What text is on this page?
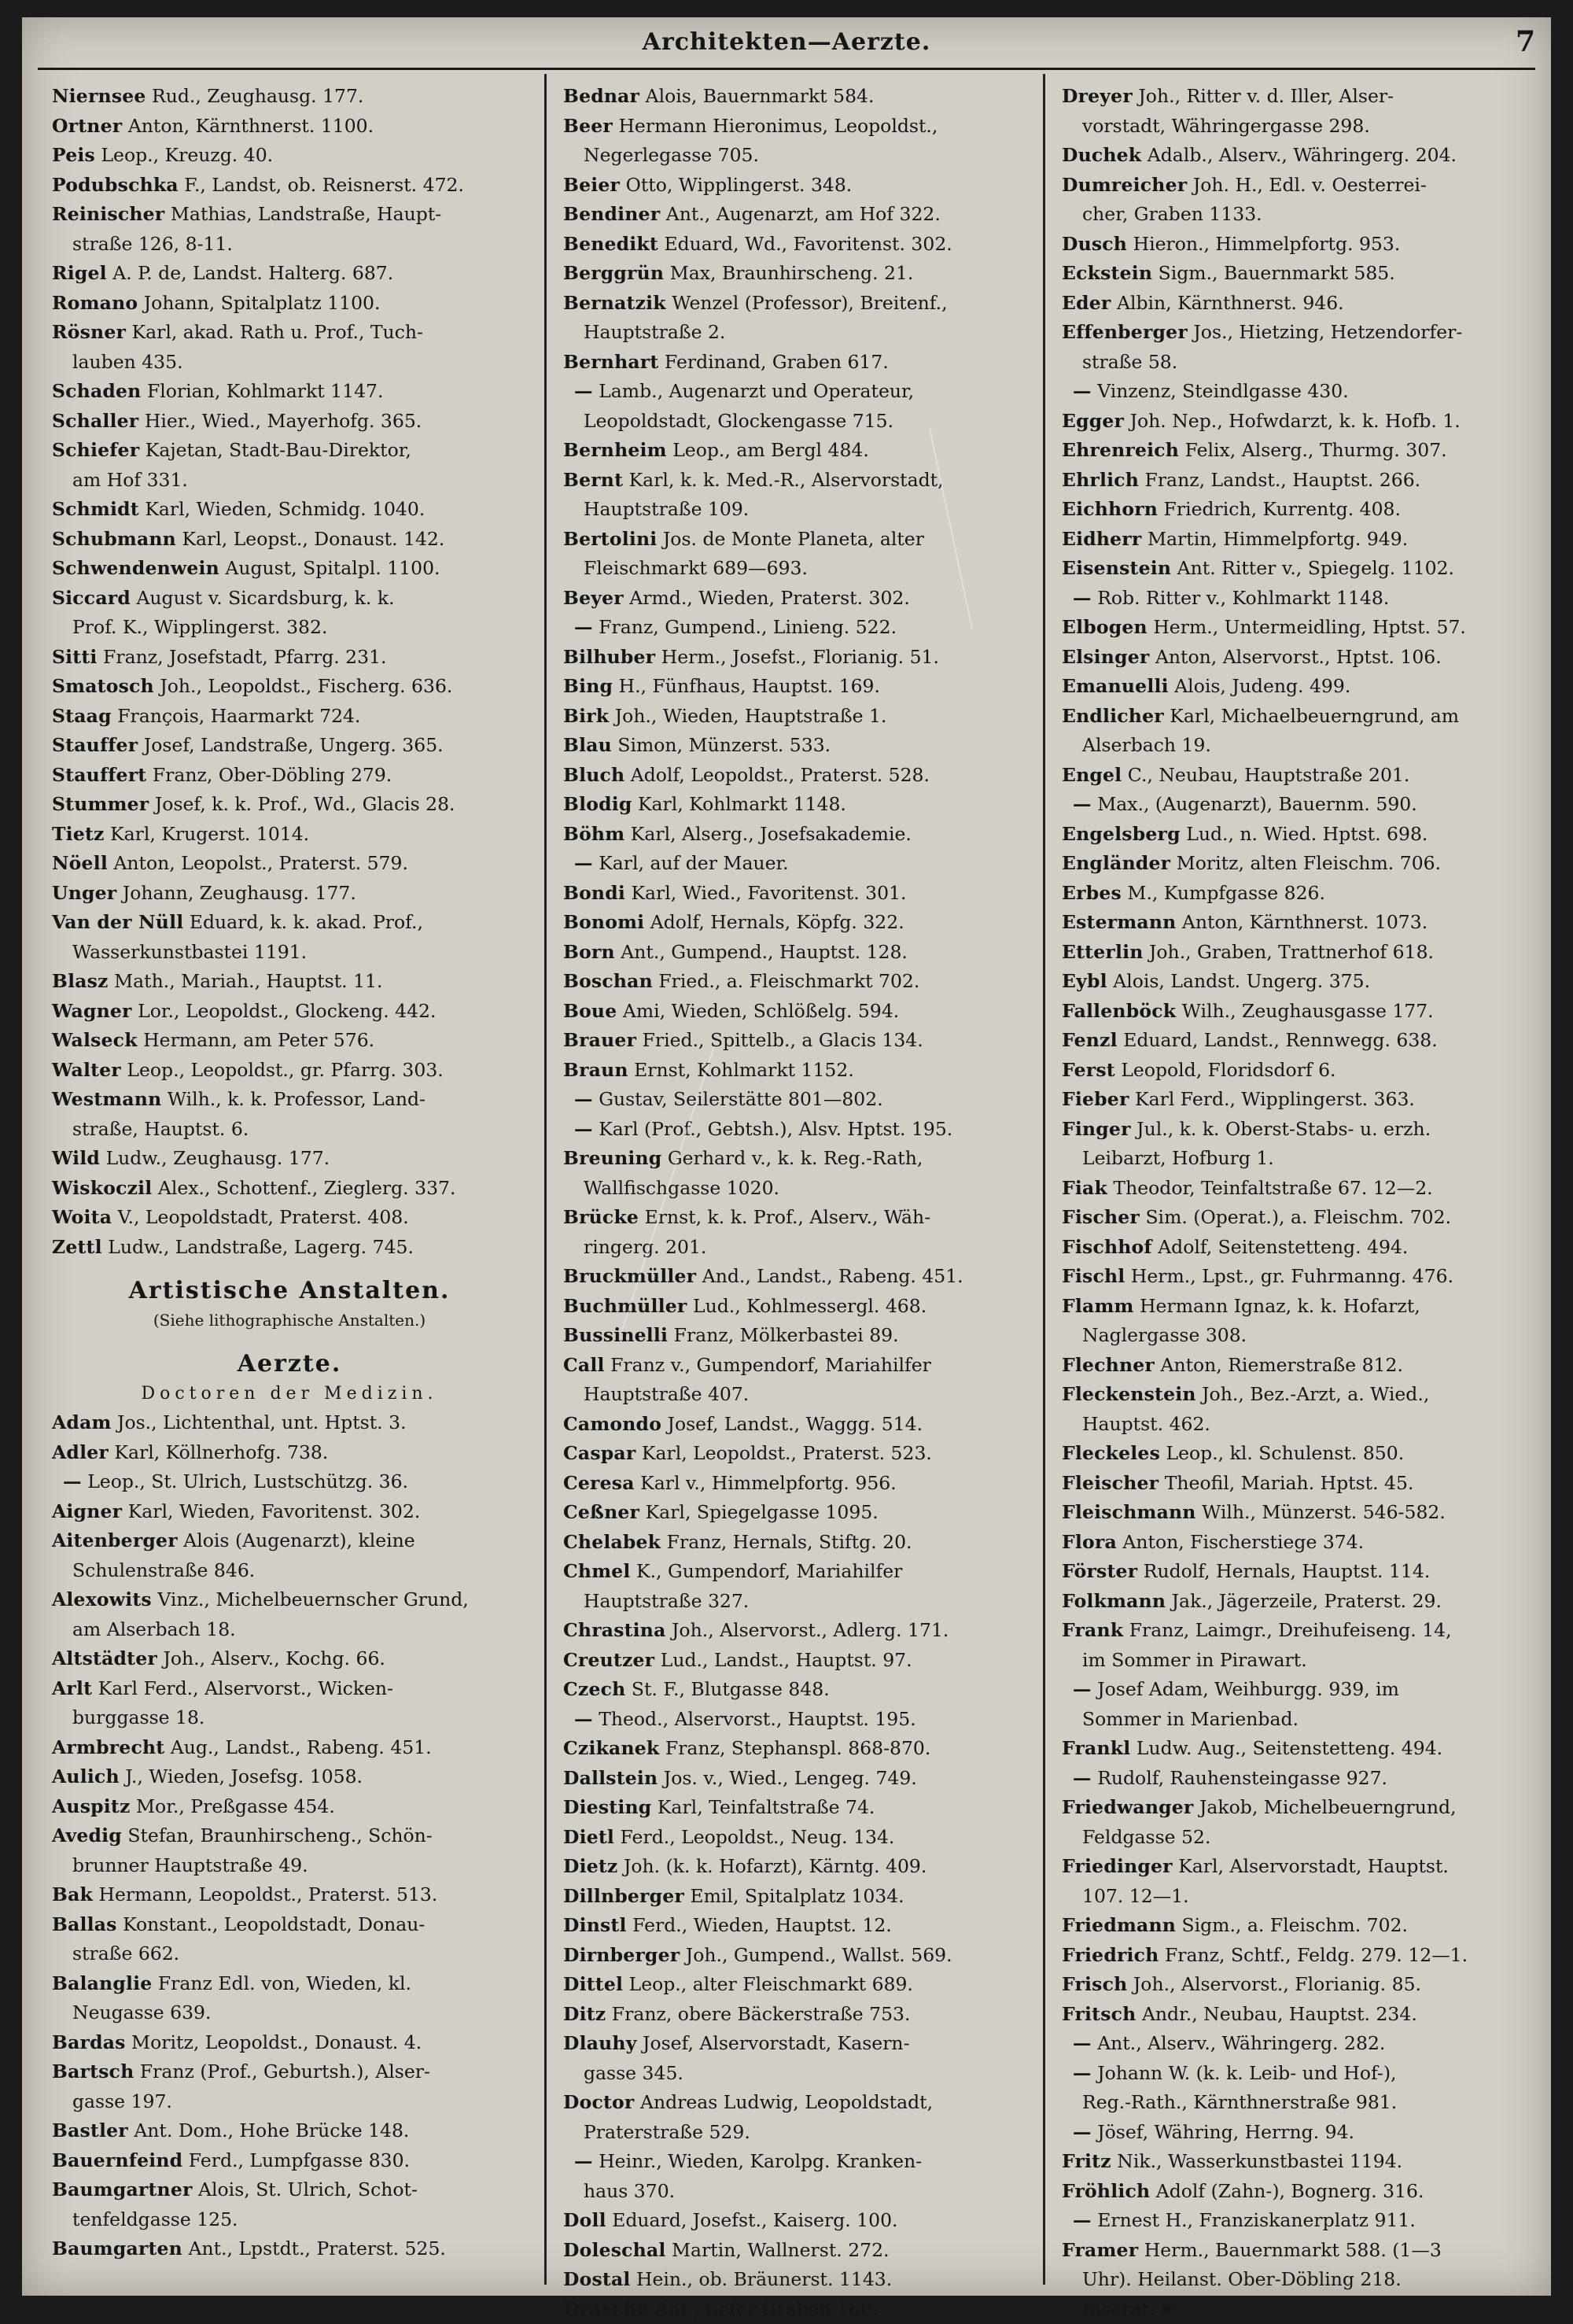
Architekten—Aerzte.	7
Niernsee Rud., Zeughausg. 177.
Ortner Anton, Kärnthnerst. 1100.
Peis Leop., Kreuzg. 40.
Podubschka F., Landst, ob. Reisnerst. 472.
Reinischer Mathias, Landstraße, Haupt-
straße 126, 8-11.
Rigel A. P. de, Landst. Halterg. 687.
Romano Johann, Spitalplatz 1100.
Rösner Karl, akad. Rath u. Prof., Tuch-
lauben 435.
Schaden Florian, Kohlmarkt 1147.
Schaller Hier., Wied., Mayerhofg. 365.
Schiefer Kajetan, Stadt-Bau-Direktor,
am Hof 331.
Schmidt Karl, Wieden, Schmidg. 1040.
Schubmann Karl, Leopst., Donaust. 142.
Schwendenwein August, Spitalpl. 1100.
Siccard August v. Sicardsburg, k. k.
Prof. K., Wipplingerst. 382.
Sitti Franz, Josefstadt, Pfarrg. 231.
Smatosch Joh., Leopoldst., Fischerg. 636.
Staag François, Haarmarkt 724.
Stauffer Josef, Landstraße, Ungerg. 365.
Stauffert Franz, Ober-Döbling 279.
Stummer Josef, k. k. Prof., Wd., Glacis 28.
Tietz Karl, Krugerst. 1014.
Nöell Anton, Leopolst., Praterst. 579.
Unger Johann, Zeughausg. 177.
Van der Nüll Eduard, k. k. akad. Prof.,
Wasserkunstbastei 1191.
Blasz Math., Mariah., Hauptst. 11.
Wagner Lor., Leopoldst., Glockeng. 442.
Walseck Hermann, am Peter 576.
Walter Leop., Leopoldst., gr. Pfarrg. 303.
Westmann Wilh., k. k. Professor, Land-
straße, Hauptst. 6.
Wild Ludw., Zeughausg. 177.
Wiskoczil Alex., Schottenf., Zieglerg. 337.
Woita V., Leopoldstadt, Praterst. 408.
Zettl Ludw., Landstraße, Lagerg. 745.
Artistische Anstalten.
(Siehe lithographische Anstalten.)
Aerzte.
Doctoren der Medizin.
Adam Jos., Lichtenthal, unt. Hptst. 3.
Adler Karl, Köllnerhofg. 738.
— Leop., St. Ulrich, Lustschützg. 36.
Aigner Karl, Wieden, Favoritenst. 302.
Aitenberger Alois (Augenarzt), kleine
Schulenstraße 846.
Alexowits Vinz., Michelbeuernscher Grund,
am Alserbach 18.
Altstädter Joh., Alserv., Kochg. 66.
Arlt Karl Ferd., Alservorst., Wicken-
burggasse 18.
Armbrecht Aug., Landst., Rabeng. 451.
Aulich J., Wieden, Josefsg. 1058.
Auspitz Mor., Preßgasse 454.
Avedig Stefan, Braunhirscheng., Schön-
brunner Hauptstraße 49.
Bak Hermann, Leopoldst., Praterst. 513.
Ballas Konstant., Leopoldstadt, Donau-
straße 662.
Balanglie Franz Edl. von, Wieden, kl.
Neugasse 639.
Bardas Moritz, Leopoldst., Donaust. 4.
Bartsch Franz (Prof., Geburtsh.), Alser-
gasse 197.
Bastler Ant. Dom., Hohe Brücke 148.
Bauernfeind Ferd., Lumpfgasse 830.
Baumgartner Alois, St. Ulrich, Schot-
tenfeldgasse 125.
Baumgarten Ant., Lpstdt., Praterst. 525.
Bednar Alois, Bauernmarkt 584.
Beer Hermann Hieronimus, Leopoldst.,
Negerlegasse 705.
Beier Otto, Wipplingerst. 348.
Bendiner Ant., Augenarzt, am Hof 322.
Benedikt Eduard, Wd., Favoritenst. 302.
Berggrün Max, Braunhirscheng. 21.
Bernatzik Wenzel (Professor), Breitenf.,
Hauptstraße 2.
Bernhart Ferdinand, Graben 617.
— Lamb., Augenarzt und Operateur,
Leopoldstadt, Glockengasse 715.
Bernheim Leop., am Bergl 484.
Bernt Karl, k. k. Med.-R., Alservorstadt,
Hauptstraße 109.
Bertolini Jos. de Monte Planeta, alter
Fleischmarkt 689—693.
Beyer Armd., Wieden, Praterst. 302.
— Franz, Gumpend., Linieng. 522.
Bilhuber Herm., Josefst., Florianig. 51.
Bing H., Fünfhaus, Hauptst. 169.
Birk Joh., Wieden, Hauptstraße 1.
Blau Simon, Münzerst. 533.
Bluch Adolf, Leopoldst., Praterst. 528.
Blodig Karl, Kohlmarkt 1148.
Böhm Karl, Alserg., Josefsakademie.
— Karl, auf der Mauer.
Bondi Karl, Wied., Favoritenst. 301.
Bonomi Adolf, Hernals, Köpfg. 322.
Born Ant., Gumpend., Hauptst. 128.
Boschan Fried., a. Fleischmarkt 702.
Boue Ami, Wieden, Schlößelg. 594.
Brauer Fried., Spittelb., a Glacis 134.
Braun Ernst, Kohlmarkt 1152.
— Gustav, Seilerstätte 801—802.
— Karl (Prof., Gebtsh.), Alsv. Hptst. 195.
Breuning Gerhard v., k. k. Reg.-Rath,
Wallfischgasse 1020.
Brücke Ernst, k. k. Prof., Alserv., Wäh-
ringerg. 201.
Bruckmüller And., Landst., Rabeng. 451.
Buchmüller Lud., Kohlmessergl. 468.
Bussinelli Franz, Mölkerbastei 89.
Call Franz v., Gumpendorf, Mariahilfer
Hauptstraße 407.
Camondo Josef, Landst., Waggg. 514.
Caspar Karl, Leopoldst., Praterst. 523.
Ceresa Karl v., Himmelpfortg. 956.
Ceßner Karl, Spiegelgasse 1095.
Chelabek Franz, Hernals, Stiftg. 20.
Chmel K., Gumpendorf, Mariahilfer
Hauptstraße 327.
Chrastina Joh., Alservorst., Adlerg. 171.
Creutzer Lud., Landst., Hauptst. 97.
Czech St. F., Blutgasse 848.
— Theod., Alservorst., Hauptst. 195.
Czikanek Franz, Stephanspl. 868-870.
Dallstein Jos. v., Wied., Lengeg. 749.
Diesting Karl, Teinfaltstraße 74.
Dietl Ferd., Leopoldst., Neug. 134.
Dietz Joh. (k. k. Hofarzt), Kärntg. 409.
Dillnberger Emil, Spitalplatz 1034.
Dinstl Ferd., Wieden, Hauptst. 12.
Dirnberger Joh., Gumpend., Wallst. 569.
Dittel Leop., alter Fleischmarkt 689.
Ditz Franz, obere Bäckerstraße 753.
Dlauhy Josef, Alservorstadt, Kasern-
gasse 345.
Doctor Andreas Ludwig, Leopoldstadt,
Praterstraße 529.
— Heinr., Wieden, Karolpg. Kranken-
haus 370.
Doll Eduard, Josefst., Kaiserg. 100.
Doleschal Martin, Wallnerst. 272.
Dostal Hein., ob. Bräunerst. 1143.
Drasche Ant., tiefer Graben 160.
Dreyer Joh., Ritter v. d. Iller, Alser-
vorstadt, Währingergasse 298.
Duchek Adalb., Alserv., Währingerg. 204.
Dumreicher Joh. H., Edl. v. Oesterrei-
cher, Graben 1133.
Dusch Hieron., Himmelpfortg. 953.
Eckstein Sigm., Bauernmarkt 585.
Eder Albin, Kärnthnerst. 946.
Effenberger Jos., Hietzing, Hetzendorfer-
straße 58.
— Vinzenz, Steindlgasse 430.
Egger Joh. Nep., Hofwdarzt, k. k. Hofb. 1.
Ehrenreich Felix, Alserg., Thurmg. 307.
Ehrlich Franz, Landst., Hauptst. 266.
Eichhorn Friedrich, Kurrentg. 408.
Eidherr Martin, Himmelpfortg. 949.
Eisenstein Ant. Ritter v., Spiegelg. 1102.
— Rob. Ritter v., Kohlmarkt 1148.
Elbogen Herm., Untermeidling, Hptst. 57.
Elsinger Anton, Alservorst., Hptst. 106.
Emanuelli Alois, Judeng. 499.
Endlicher Karl, Michaelbeuerngrund, am
Alserbach 19.
Engel C., Neubau, Hauptstraße 201.
— Max., (Augenarzt), Bauernm. 590.
Engelsberg Lud., n. Wied. Hptst. 698.
Engländer Moritz, alten Fleischm. 706.
Erbes M., Kumpfgasse 826.
Estermann Anton, Kärnthnerst. 1073.
Etterlin Joh., Graben, Trattnerhof 618.
Eybl Alois, Landst. Ungerg. 375.
Fallenböck Wilh., Zeughausgasse 177.
Fenzl Eduard, Landst., Rennwegg. 638.
Ferst Leopold, Floridsdorf 6.
Fieber Karl Ferd., Wipplingerst. 363.
Finger Jul., k. k. Oberst-Stabs- u. erzh.
Leibarzt, Hofburg 1.
Fiak Theodor, Teinfaltstraße 67. 12—2.
Fischer Sim. (Operat.), a. Fleischm. 702.
Fischhof Adolf, Seitenstetteng. 494.
Fischl Herm., Lpst., gr. Fuhrmanng. 476.
Flamm Hermann Ignaz, k. k. Hofarzt,
Naglergasse 308.
Flechner Anton, Riemerstraße 812.
Fleckenstein Joh., Bez.-Arzt, a. Wied.,
Hauptst. 462.
Fleckeles Leop., kl. Schulenst. 850.
Fleischer Theofil, Mariah. Hptst. 45.
Fleischmann Wilh., Münzerst. 546-582.
Flora Anton, Fischerstiege 374.
Förster Rudolf, Hernals, Hauptst. 114.
Folkmann Jak., Jägerzeile, Praterst. 29.
Frank Franz, Laimgr., Dreihufeiseng. 14,
im Sommer in Pirawart.
— Josef Adam, Weihburgg. 939, im
Sommer in Marienbad.
Frankl Ludw. Aug., Seitenstetteng. 494.
— Rudolf, Rauhensteingasse 927.
Friedwanger Jakob, Michelbeuerngrund,
Feldgasse 52.
Friedinger Karl, Alservorstadt, Hauptst.
107. 12—1.
Friedmann Sigm., a. Fleischm. 702.
Friedrich Franz, Schtf., Feldg. 279. 12—1.
Frisch Joh., Alservorst., Florianig. 85.
Fritsch Andr., Neubau, Hauptst. 234.
— Ant., Alserv., Währingerg. 282.
— Johann W. (k. k. Leib- und Hof-),
Reg.-Rath., Kärnthnerstraße 981.
— Jösef, Währing, Herrng. 94.
Fritz Nik., Wasserkunstbastei 1194.
Fröhlich Adolf (Zahn-), Bognerg. 316.
— Ernest H., Franziskanerplatz 911.
Framer Herm., Bauernmarkt 588. (1—3
Uhr). Heilanst. Ober-Döbling 218.
Inserat. ☛
